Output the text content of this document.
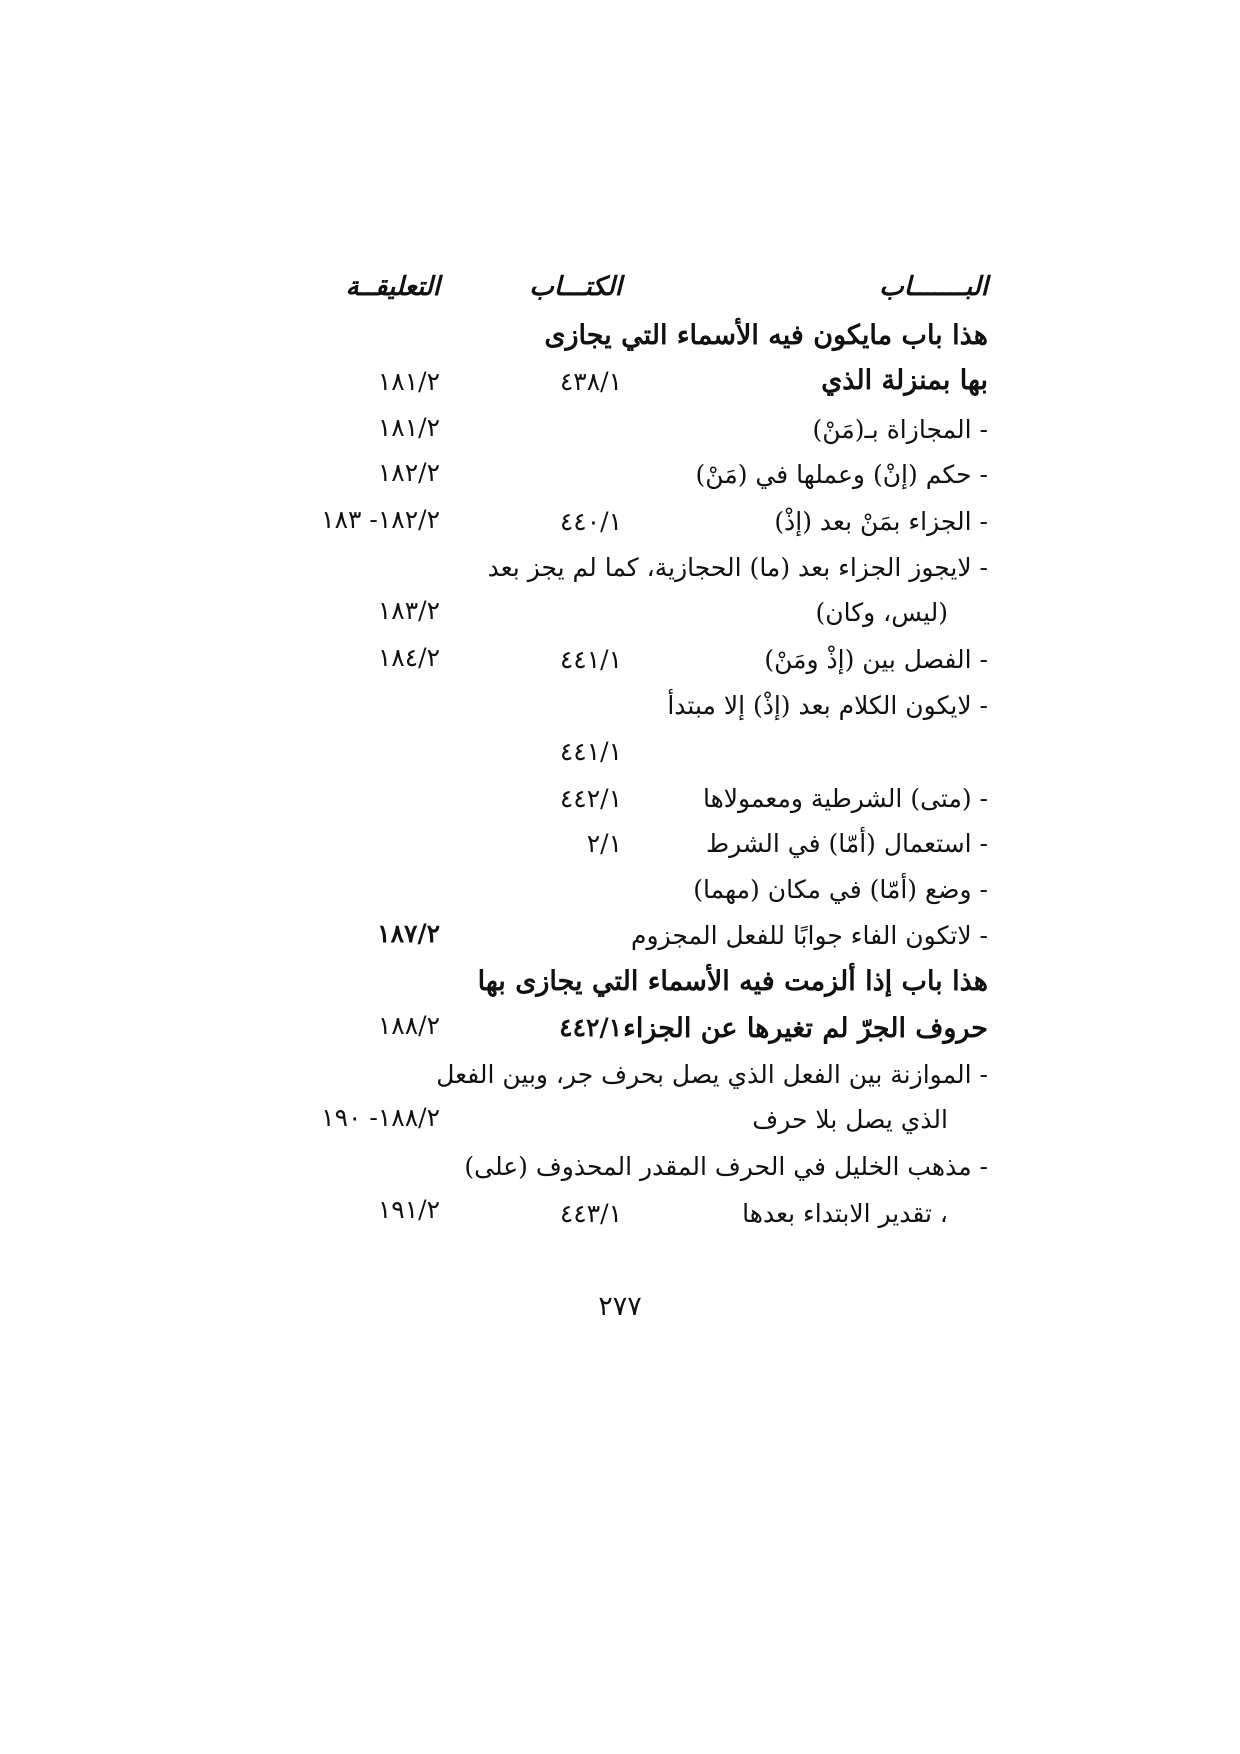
البـــــــاب
الكتـــاب
التعليقــة
هذا باب مايكون فيه الأسماء التي يجازى
بها بمنزلة الذي
٤٣٨/١
١٨١/٢
- المجازاة بـ(مَنْ)
١٨١/٢
- حكم (إنْ) وعملها في (مَنْ)
١٨٢/٢
- الجزاء بمَنْ بعد (إذْ)
٤٤٠/١
١٨٢/٢- ١٨٣
- لايجوز الجزاء بعد (ما) الحجازية، كما لم يجز بعد
(ليس، وكان)
١٨٣/٢
- الفصل بين (إذْ ومَنْ)
٤٤١/١
١٨٤/٢
- لايكون الكلام بعد (إذْ) إلا مبتدأ
٤٤١/١
- (متى) الشرطية ومعمولاها
٤٤٢/١
- استعمال (أمّا) في الشرط
٢/١
- وضع (أمّا) في مكان (مهما)
- لاتكون الفاء جوابًا للفعل المجزوم
١٨٧/٢
هذا باب إذا ألزمت فيه الأسماء التي يجازى بها
حروف الجرّ لم تغيرها عن الجزاء
٤٤٢/١
١٨٨/٢
- الموازنة بين الفعل الذي يصل بحرف جر، وبين الفعل
الذي يصل بلا حرف
١٨٨/٢- ١٩٠
- مذهب الخليل في الحرف المقدر المحذوف (على)
، تقدير الابتداء بعدها
٤٤٣/١
١٩١/٢
٢٧٧
